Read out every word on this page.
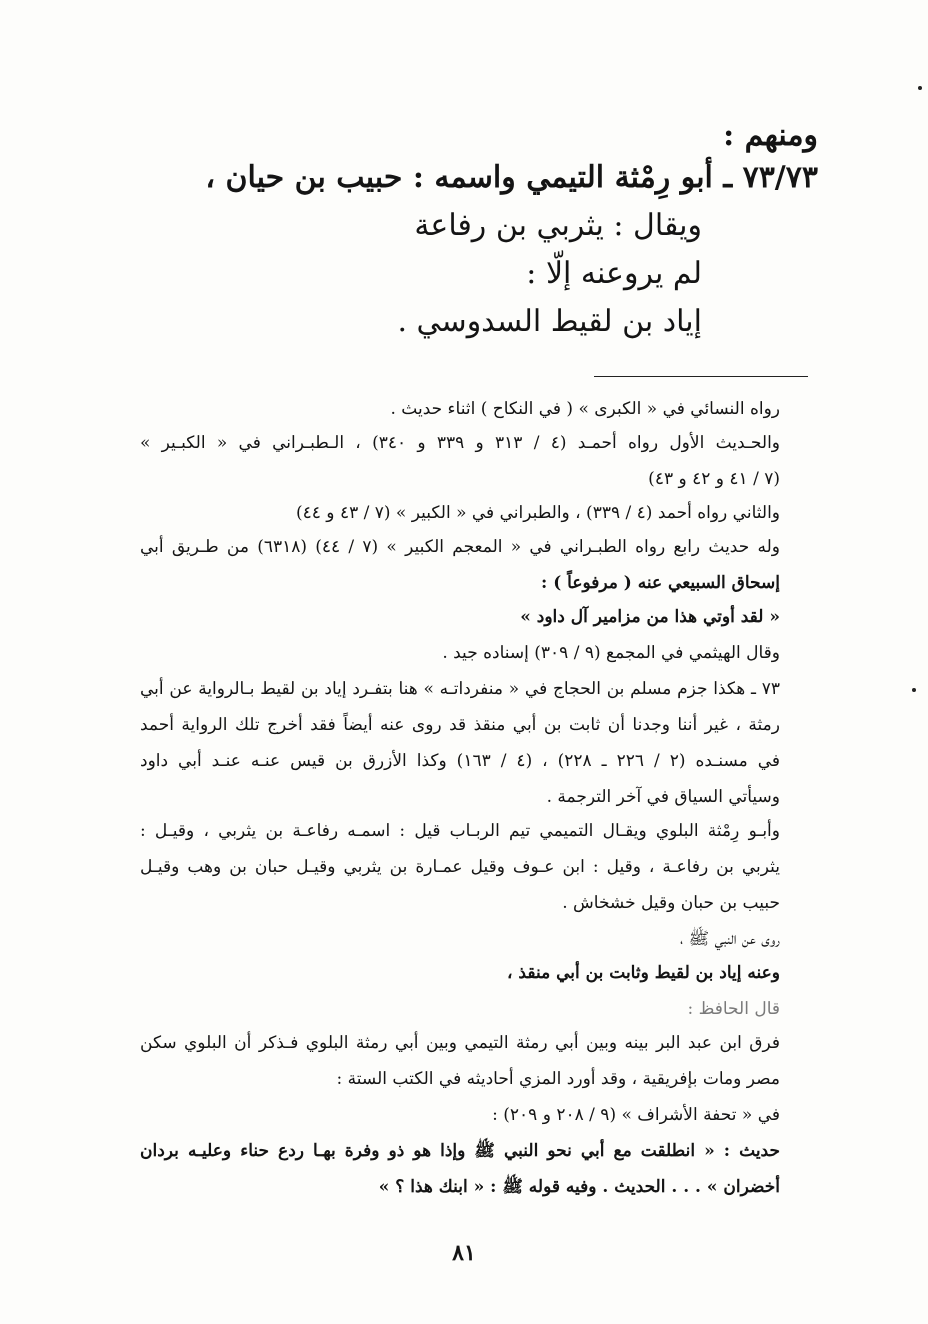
ومنهم :
٧٣/٧٣ ـ أبو رِمْثة التيمي واسمه : حبيب بن حيان ،
ويقال : يثربي بن رفاعة
لم يروعنه إلّا :
إياد بن لقيط السدوسي .
رواه النسائي في « الكبرى » ( في النكاح ) اثناء حديث .
والحـديث الأول رواه أحمـد (٤ / ٣١٣ و ٣٣٩ و ٣٤٠) ، الـطبـراني في « الكبـير »
(٧ / ٤١ و ٤٢ و ٤٣)
والثاني رواه أحمد (٤ / ٣٣٩) ، والطبراني في « الكبير » (٧ / ٤٣ و ٤٤)
وله حديث رابع رواه الطبـراني في « المعجم الكبير » (٧ / ٤٤) (٦٣١٨) من طـريق أبي
إسحاق السبيعي عنه ( مرفوعاً ) :
« لقد أوتي هذا من مزامير آل داود »
وقال الهيثمي في المجمع (٩ / ٣٠٩) إسناده جيد .
٧٣ ـ هكذا جزم مسلم بن الحجاج في « منفرداتـه » هنا بتفـرد إياد بن لقيط بـالرواية عن أبي
رمثة ، غير أننا وجدنا أن ثابت بن أبي منقذ قد روى عنه أيضاً فقد أخرج تلك الرواية أحمد
في مسنـده (٢ / ٢٢٦ ـ ٢٢٨) ، (٤ / ١٦٣) وكذا الأزرق بن قيس عنـه عنـد أبي داود
وسيأتي السياق في آخر الترجمة .
وأبـو رِمْثة البلوي ويقـال التميمي تيم الربـاب قيل : اسمـه رفاعـة بن يثربي ، وقيـل :
يثربي بن رفاعـة ، وقيل : ابن عـوف وقيل عمـارة بن يثربي وقيـل حبان بن وهب وقيـل
حبيب بن حبان وقيل خشخاش .
روى عن النبي ﷺ ،
وعنه إياد بن لقيط وثابت بن أبي منقذ ،
قال الحافظ :
فرق ابن عبد البر بينه وبين أبي رمثة التيمي وبين أبي رمثة البلوي فـذكر أن البلوي سكن
مصر ومات بإفريقية ، وقد أورد المزي أحاديثه في الكتب الستة :
في « تحفة الأشراف » (٩ / ٢٠٨ و ٢٠٩) :
حديث : « انطلقت مع أبي نحو النبي ﷺ وإذا هو ذو وفرة بهـا ردع حناء وعليـه بردان
أخضران » . . . الحديث . وفيه قوله ﷺ : « ابنك هذا ؟ »
٨١
